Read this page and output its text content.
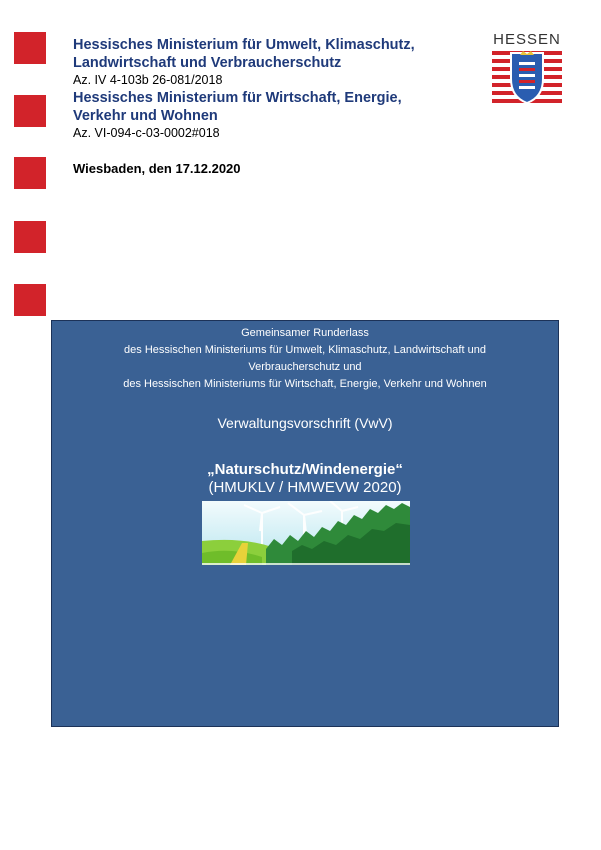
Hessisches Ministerium für Umwelt, Klimaschutz,
Landwirtschaft und Verbraucherschutz
Az. IV 4-103b 26-081/2018
Hessisches Ministerium für Wirtschaft, Energie,
Verkehr und Wohnen
Az. VI-094-c-03-0002#018
Wiesbaden, den 17.12.2020
HESSEN
Gemeinsamer Runderlass
des Hessischen Ministeriums für Umwelt, Klimaschutz, Landwirtschaft und
Verbraucherschutz und
des Hessischen Ministeriums für Wirtschaft, Energie, Verkehr und Wohnen
Verwaltungsvorschrift (VwV)
„Naturschutz/Windenergie“
(HMUKLV / HMWEVW 2020)
